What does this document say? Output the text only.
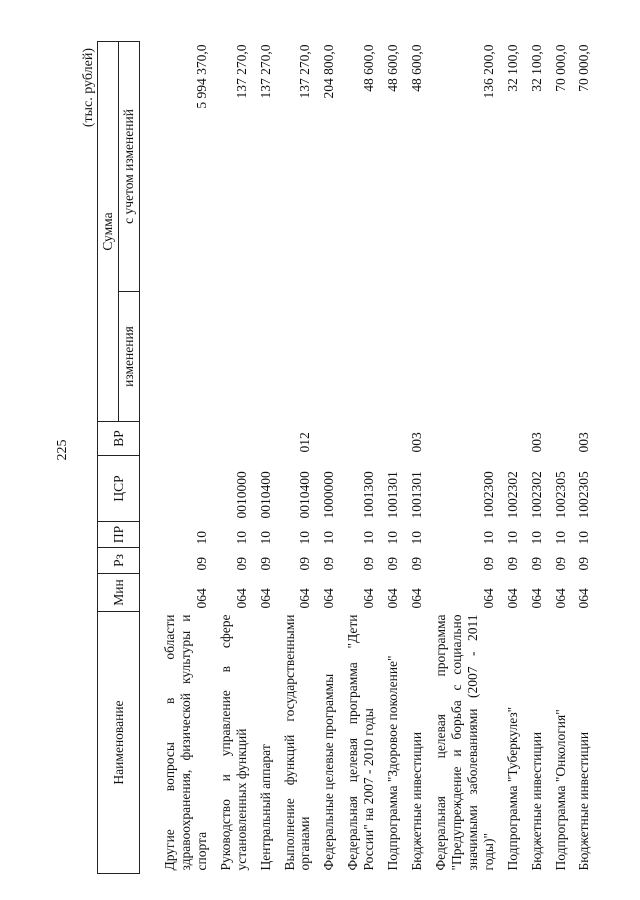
225
(тыс. рублей)
Наименование	Мин	Рз	ПР	ЦСР	ВР	Сумма	
						изменения	с учетом изменений

Другие вопросы в области здравоохранения, физической культуры и спорта	064	09	10				5 994 370,0
Руководство и управление в сфере установленных функций	064	09	10	0010000			137 270,0
Центральный аппарат	064	09	10	0010400			137 270,0
Выполнение функций государственными органами	064	09	10	0010400	012		137 270,0
Федеральные целевые программы	064	09	10	1000000			204 800,0
Федеральная целевая программа "Дети России" на 2007 - 2010 годы	064	09	10	1001300			48 600,0
Подпрограмма "Здоровое поколение"	064	09	10	1001301			48 600,0
Бюджетные инвестиции	064	09	10	1001301	003		48 600,0
Федеральная целевая программа "Предупреждение и борьба с социально значимыми заболеваниями (2007 - 2011 годы)"	064	09	10	1002300			136 200,0
Подпрограмма "Туберкулез"	064	09	10	1002302			32 100,0
Бюджетные инвестиции	064	09	10	1002302	003		32 100,0
Подпрограмма "Онкология"	064	09	10	1002305			70 000,0
Бюджетные инвестиции	064	09	10	1002305	003		70 000,0
